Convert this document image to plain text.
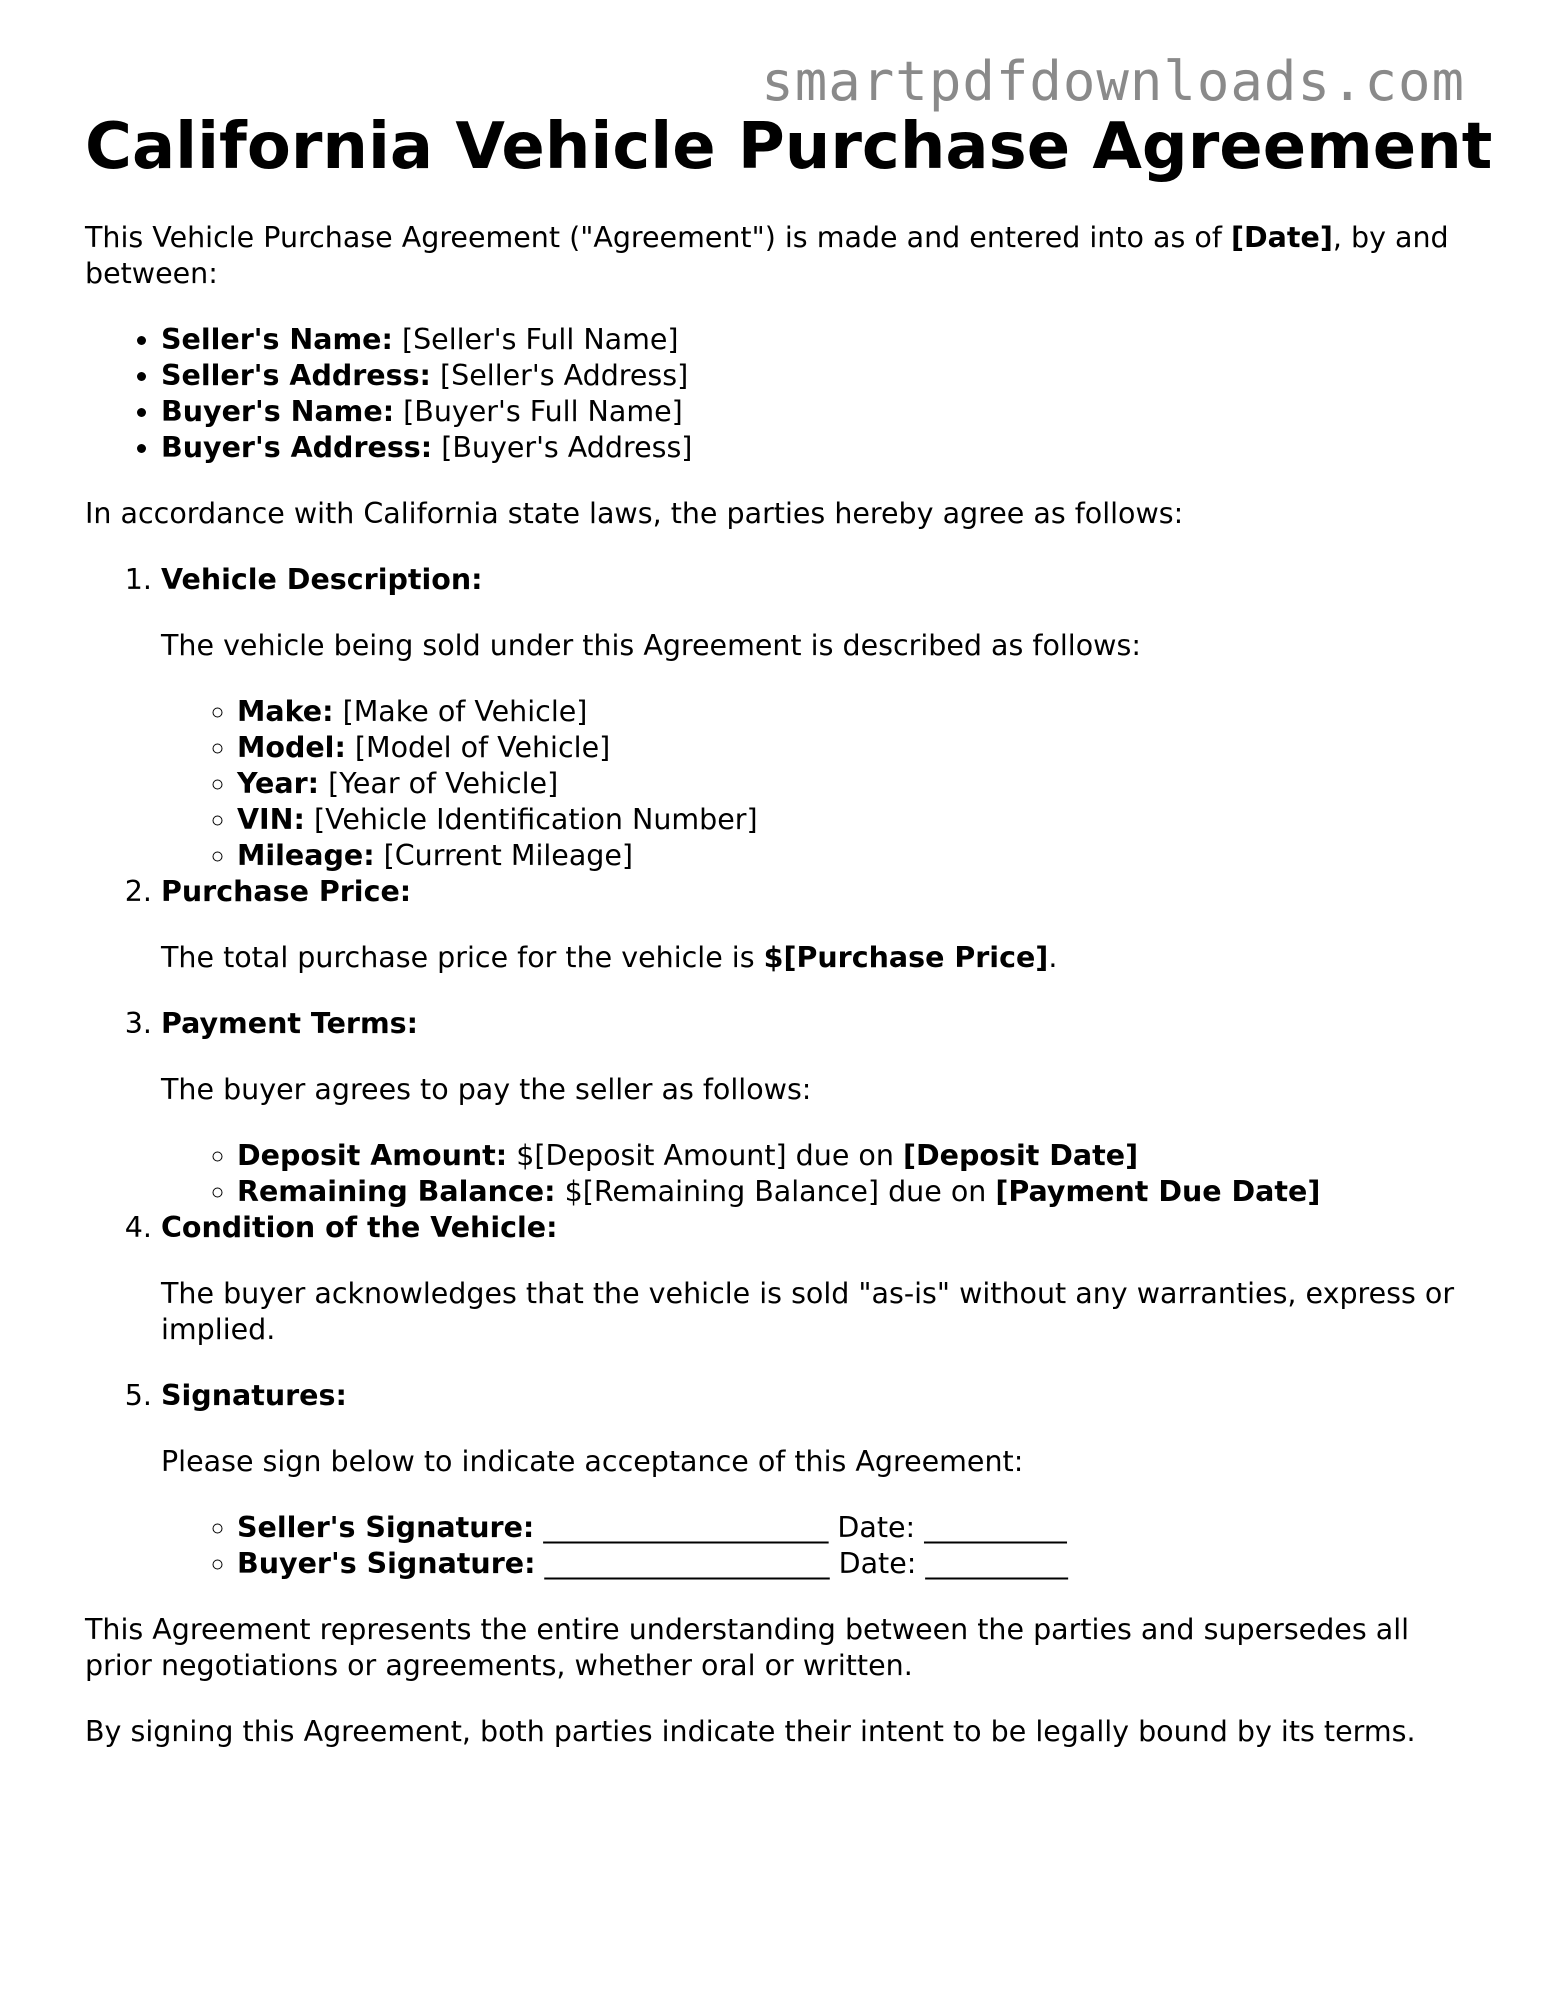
smartpdfdownloads.com
California Vehicle Purchase Agreement

This Vehicle Purchase Agreement ("Agreement") is made and entered into as of [Date], by and between:

• Seller's Name: [Seller's Full Name]
• Seller's Address: [Seller's Address]
• Buyer's Name: [Buyer's Full Name]
• Buyer's Address: [Buyer's Address]

In accordance with California state laws, the parties hereby agree as follows:

1. Vehicle Description:

The vehicle being sold under this Agreement is described as follows:

◦ Make: [Make of Vehicle]
◦ Model: [Model of Vehicle]
◦ Year: [Year of Vehicle]
◦ VIN: [Vehicle Identification Number]
◦ Mileage: [Current Mileage]
2. Purchase Price:

The total purchase price for the vehicle is $[Purchase Price].

3. Payment Terms:

The buyer agrees to pay the seller as follows:

◦ Deposit Amount: $[Deposit Amount] due on [Deposit Date]
◦ Remaining Balance: $[Remaining Balance] due on [Payment Due Date]
4. Condition of the Vehicle:

The buyer acknowledges that the vehicle is sold "as-is" without any warranties, express or implied.

5. Signatures:

Please sign below to indicate acceptance of this Agreement:

◦ Seller's Signature: ____________________ Date: __________
◦ Buyer's Signature: ____________________ Date: __________

This Agreement represents the entire understanding between the parties and supersedes all prior negotiations or agreements, whether oral or written.

By signing this Agreement, both parties indicate their intent to be legally bound by its terms.
